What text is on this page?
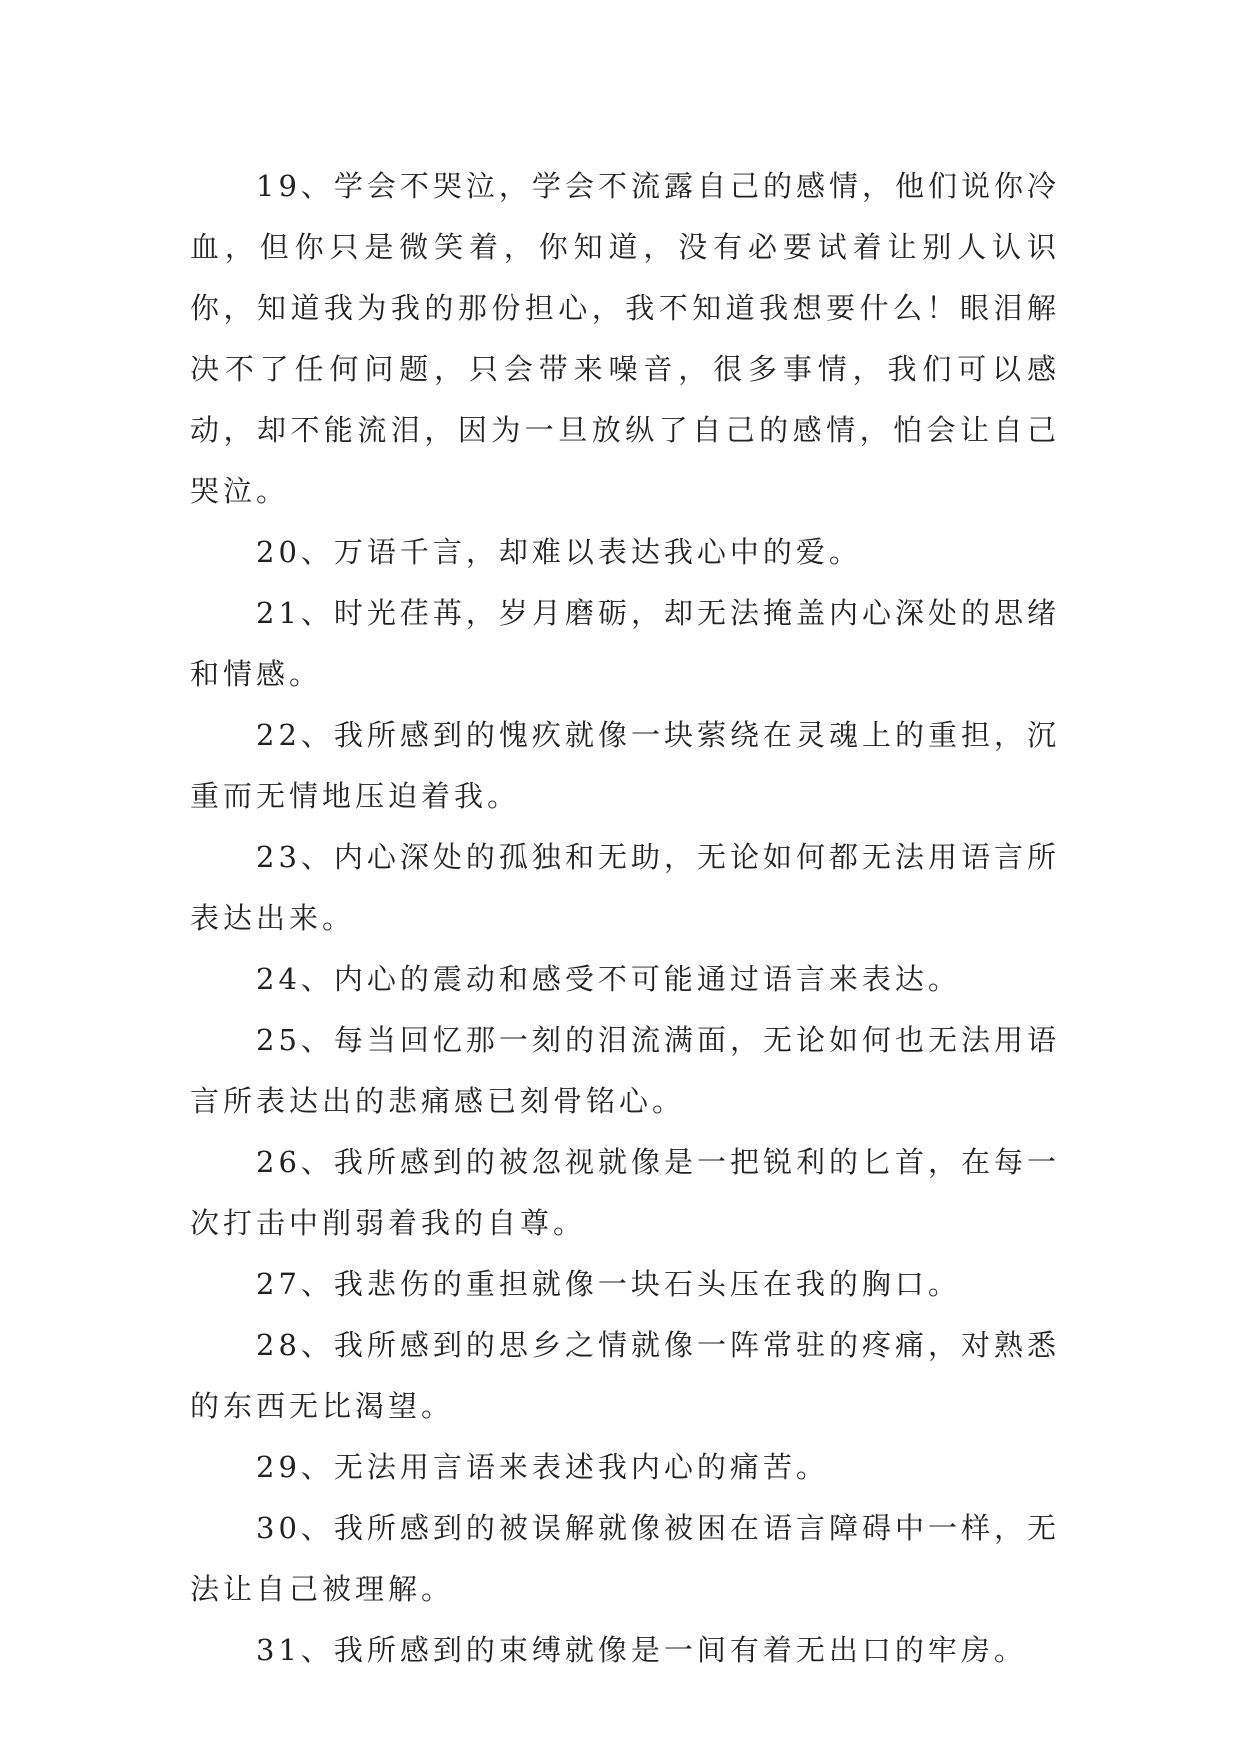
19、学会不哭泣，学会不流露自己的感情，他们说你冷血，但你只是微笑着，你知道，没有必要试着让别人认识你，知道我为我的那份担心，我不知道我想要什么！眼泪解决不了任何问题，只会带来噪音，很多事情，我们可以感动，却不能流泪，因为一旦放纵了自己的感情，怕会让自己哭泣。

20、万语千言，却难以表达我心中的爱。

21、时光荏苒，岁月磨砺，却无法掩盖内心深处的思绪和情感。

22、我所感到的愧疚就像一块萦绕在灵魂上的重担，沉重而无情地压迫着我。

23、内心深处的孤独和无助，无论如何都无法用语言所表达出来。

24、内心的震动和感受不可能通过语言来表达。

25、每当回忆那一刻的泪流满面，无论如何也无法用语言所表达出的悲痛感已刻骨铭心。

26、我所感到的被忽视就像是一把锐利的匕首，在每一次打击中削弱着我的自尊。

27、我悲伤的重担就像一块石头压在我的胸口。

28、我所感到的思乡之情就像一阵常驻的疼痛，对熟悉的东西无比渴望。

29、无法用言语来表述我内心的痛苦。

30、我所感到的被误解就像被困在语言障碍中一样，无法让自己被理解。

31、我所感到的束缚就像是一间有着无出口的牢房。
